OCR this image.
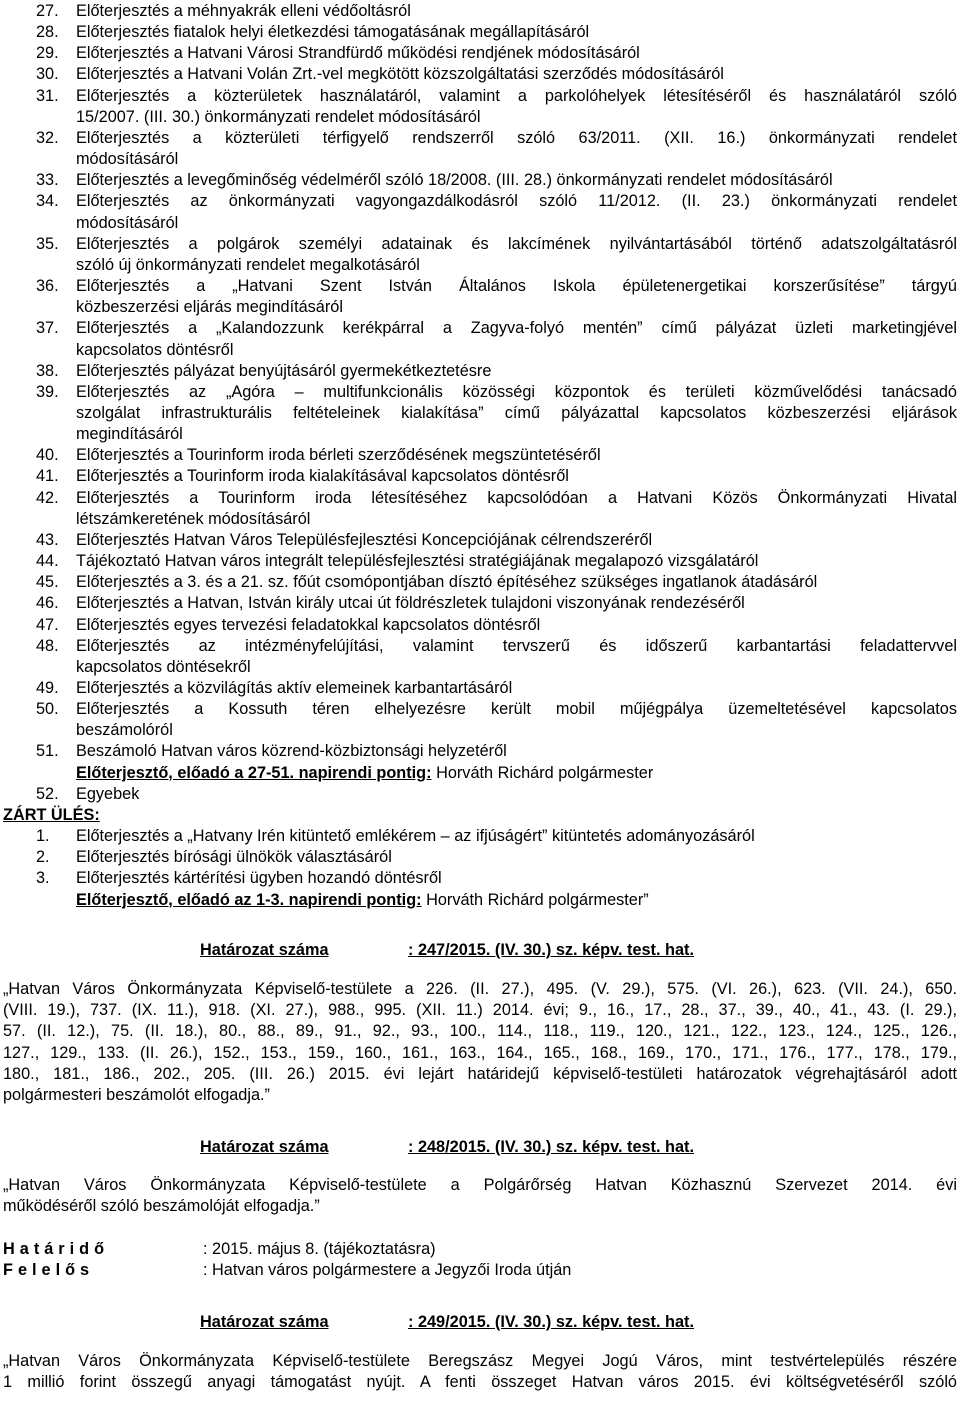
27.	Előterjesztés a méhnyakrák elleni védőoltásról
28.	Előterjesztés fiatalok helyi életkezdési támogatásának megállapításáról
29.	Előterjesztés a Hatvani Városi Strandfürdő működési rendjének módosításáról
30.	Előterjesztés a Hatvani Volán Zrt.-vel megkötött közszolgáltatási szerződés módosításáról
31.	Előterjesztés a közterületek használatáról, valamint a parkolóhelyek létesítéséről és használatáról szóló
15/2007. (III. 30.) önkormányzati rendelet módosításáról
32.	Előterjesztés a közterületi térfigyelő rendszerről szóló 63/2011. (XII. 16.) önkormányzati rendelet
módosításáról
33.	Előterjesztés a levegőminőség védelméről szóló 18/2008. (III. 28.) önkormányzati rendelet módosításáról
34.	Előterjesztés az önkormányzati vagyongazdálkodásról szóló 11/2012. (II. 23.) önkormányzati rendelet
módosításáról
35.	Előterjesztés a polgárok személyi adatainak és lakcímének nyilvántartásából történő adatszolgáltatásról
szóló új önkormányzati rendelet megalkotásáról
36.	Előterjesztés a „Hatvani Szent István Általános Iskola épületenergetikai korszerűsítése” tárgyú
közbeszerzési eljárás megindításáról
37.	Előterjesztés a „Kalandozzunk kerékpárral a Zagyva-folyó mentén” című pályázat üzleti marketingjével
kapcsolatos döntésről
38.	Előterjesztés pályázat benyújtásáról gyermekétkeztetésre
39.	Előterjesztés az „Agóra – multifunkcionális közösségi központok és területi közművelődési tanácsadó
szolgálat infrastrukturális feltételeinek kialakítása” című pályázattal kapcsolatos közbeszerzési eljárások
megindításáról
40.	Előterjesztés a Tourinform iroda bérleti szerződésének megszüntetéséről
41.	Előterjesztés a Tourinform iroda kialakításával kapcsolatos döntésről
42.	Előterjesztés a Tourinform iroda létesítéséhez kapcsolódóan a Hatvani Közös Önkormányzati Hivatal
létszámkeretének módosításáról
43.	Előterjesztés Hatvan Város Településfejlesztési Koncepciójának célrendszeréről
44.	Tájékoztató Hatvan város integrált településfejlesztési stratégiájának megalapozó vizsgálatáról
45.	Előterjesztés a 3. és a 21. sz. főút csomópontjában dísztó építéséhez szükséges ingatlanok átadásáról
46.	Előterjesztés a Hatvan, István király utcai út földrészletek tulajdoni viszonyának rendezéséről
47.	Előterjesztés egyes tervezési feladatokkal kapcsolatos döntésről
48.	Előterjesztés az intézményfelújítási, valamint tervszerű és időszerű karbantartási feladattervvel
kapcsolatos döntésekről
49.	Előterjesztés a közvilágítás aktív elemeinek karbantartásáról
50.	Előterjesztés a Kossuth téren elhelyezésre került mobil műjégpálya üzemeltetésével kapcsolatos
beszámolóról
51.	Beszámoló Hatvan város közrend-közbiztonsági helyzetéről
Előterjesztő, előadó a 27-51. napirendi pontig: Horváth Richárd polgármester
52.	Egyebek
ZÁRT ÜLÉS:
1.	Előterjesztés a „Hatvany Irén kitüntető emlékérem – az ifjúságért” kitüntetés adományozásáról
2.	Előterjesztés bírósági ülnökök választásáról
3.	Előterjesztés kártérítési ügyben hozandó döntésről
Előterjesztő, előadó az 1-3. napirendi pontig: Horváth Richárd polgármester”
Határozat száma	: 247/2015. (IV. 30.) sz. képv. test. hat.
„Hatvan Város Önkormányzata Képviselő-testülete a 226. (II. 27.), 495. (V. 29.), 575. (VI. 26.), 623. (VII. 24.), 650.
(VIII. 19.), 737. (IX. 11.), 918. (XI. 27.), 988., 995. (XII. 11.) 2014. évi; 9., 16., 17., 28., 37., 39., 40., 41., 43. (I. 29.),
57. (II. 12.), 75. (II. 18.), 80., 88., 89., 91., 92., 93., 100., 114., 118., 119., 120., 121., 122., 123., 124., 125., 126.,
127., 129., 133. (II. 26.), 152., 153., 159., 160., 161., 163., 164., 165., 168., 169., 170., 171., 176., 177., 178., 179.,
180., 181., 186., 202., 205. (III. 26.) 2015. évi lejárt határidejű képviselő-testületi határozatok végrehajtásáról adott
polgármesteri beszámolót elfogadja.”
Határozat száma	: 248/2015. (IV. 30.) sz. képv. test. hat.
„Hatvan Város Önkormányzata Képviselő-testülete a Polgárőrség Hatvan Közhasznú Szervezet 2014. évi
működéséről szóló beszámolóját elfogadja.”
Határidő	: 2015. május 8. (tájékoztatásra)
Felelős	: Hatvan város polgármestere a Jegyzői Iroda útján
Határozat száma	: 249/2015. (IV. 30.) sz. képv. test. hat.
„Hatvan Város Önkormányzata Képviselő-testülete Beregszász Megyei Jogú Város, mint testvértelepülés részére
1 millió forint összegű anyagi támogatást nyújt. A fenti összeget Hatvan város 2015. évi költségvetéséről szóló
